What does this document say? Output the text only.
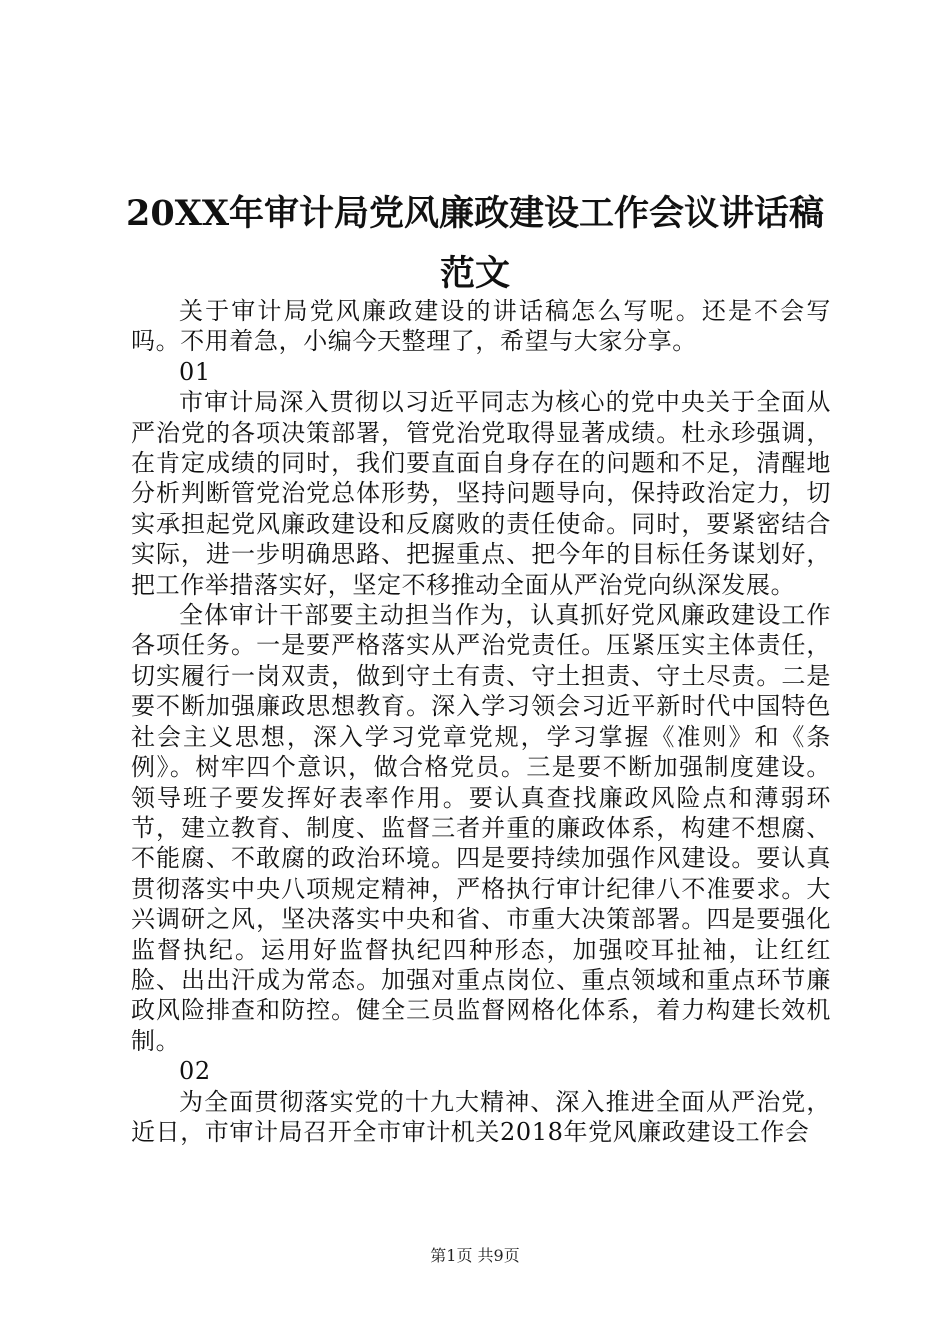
20XX年审计局党风廉政建设工作会议讲话稿
范文

关于审计局党风廉政建设的讲话稿怎么写呢。还是不会写吗。不用着急，小编今天整理了，希望与大家分享。

01

市审计局深入贯彻以习近平同志为核心的党中央关于全面从严治党的各项决策部署，管党治党取得显著成绩。杜永珍强调，在肯定成绩的同时，我们要直面自身存在的问题和不足，清醒地分析判断管党治党总体形势，坚持问题导向，保持政治定力，切实承担起党风廉政建设和反腐败的责任使命。同时，要紧密结合实际，进一步明确思路、把握重点、把今年的目标任务谋划好，把工作举措落实好，坚定不移推动全面从严治党向纵深发展。

全体审计干部要主动担当作为，认真抓好党风廉政建设工作各项任务。一是要严格落实从严治党责任。压紧压实主体责任，切实履行一岗双责，做到守土有责、守土担责、守土尽责。二是要不断加强廉政思想教育。深入学习领会习近平新时代中国特色社会主义思想，深入学习党章党规，学习掌握《准则》和《条例》。树牢四个意识，做合格党员。三是要不断加强制度建设。领导班子要发挥好表率作用。要认真查找廉政风险点和薄弱环节，建立教育、制度、监督三者并重的廉政体系，构建不想腐、不能腐、不敢腐的政治环境。四是要持续加强作风建设。要认真贯彻落实中央八项规定精神，严格执行审计纪律八不准要求。大兴调研之风，坚决落实中央和省、市重大决策部署。四是要强化监督执纪。运用好监督执纪四种形态，加强咬耳扯袖，让红红脸、出出汗成为常态。加强对重点岗位、重点领域和重点环节廉政风险排查和防控。健全三员监督网格化体系，着力构建长效机制。

02

为全面贯彻落实党的十九大精神、深入推进全面从严治党，近日，市审计局召开全市审计机关2018年党风廉政建设工作会

第1页 共9页
